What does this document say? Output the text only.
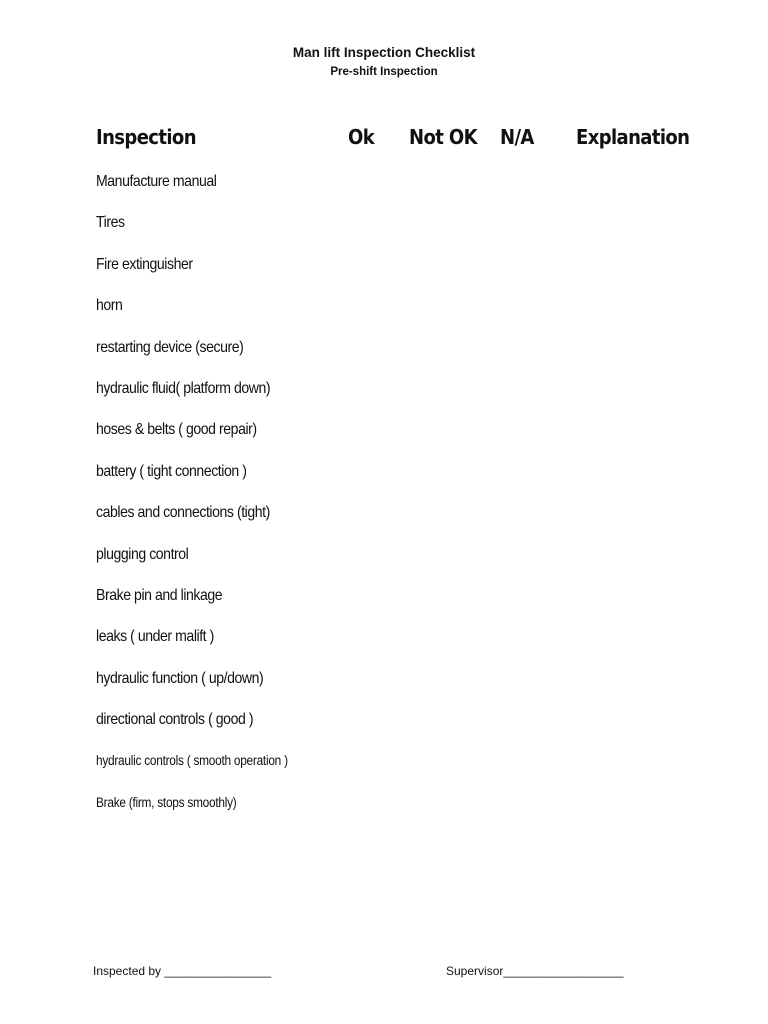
Man lift Inspection Checklist
Pre-shift Inspection
Inspection	Ok Not OK N/A Explanation
Manufacture manual
Tires
Fire extinguisher
horn
restarting device (secure)
hydraulic fluid( platform down)
hoses & belts ( good repair)
battery ( tight connection )
cables and connections (tight)
plugging control
Brake pin and linkage
leaks ( under malift )
hydraulic function ( up/down)
directional controls ( good )
hydraulic controls ( smooth operation )
Brake (firm, stops smoothly)
Inspected by ________________	Supervisor__________________
